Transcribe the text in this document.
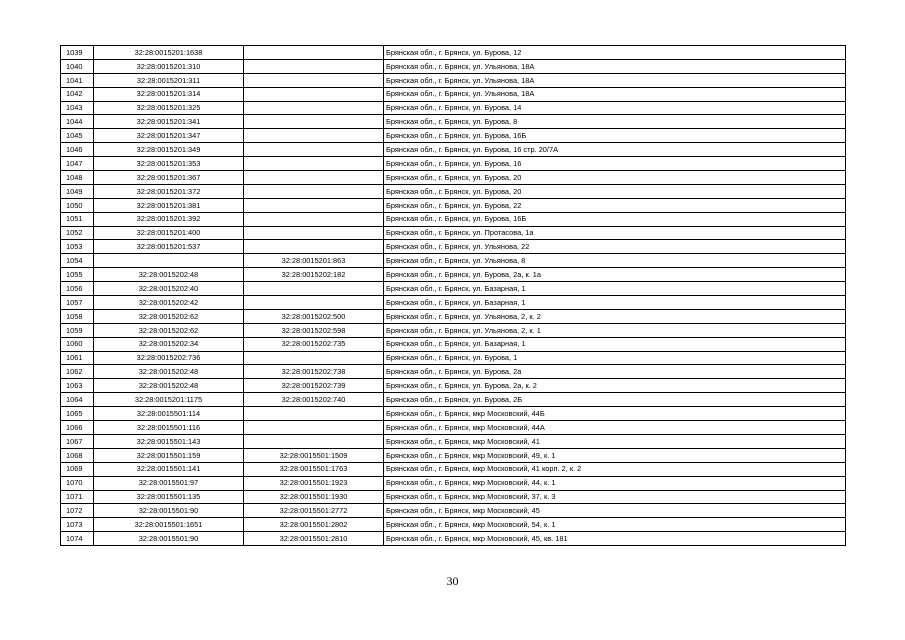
1039	32:28:0015201:1638		Брянская обл., г. Брянск, ул. Бурова, 12
1040	32:28:0015201:310		Брянская обл., г. Брянск, ул. Ульянова, 18А
1041	32:28:0015201:311		Брянская обл., г. Брянск, ул. Ульянова, 18А
1042	32:28:0015201:314		Брянская обл., г. Брянск, ул. Ульянова, 18А
1043	32:28:0015201:325		Брянская обл., г. Брянск, ул. Бурова, 14
1044	32:28:0015201:341		Брянская обл., г. Брянск, ул. Бурова, 8
1045	32:28:0015201:347		Брянская обл., г. Брянск, ул. Бурова, 16Б
1046	32:28:0015201:349		Брянская обл., г. Брянск, ул. Бурова, 16 стр. 20/7А
1047	32:28:0015201:353		Брянская обл., г. Брянск, ул. Бурова, 16
1048	32:28:0015201:367		Брянская обл., г. Брянск, ул. Бурова, 20
1049	32:28:0015201:372		Брянская обл., г. Брянск, ул. Бурова, 20
1050	32:28:0015201:381		Брянская обл., г. Брянск, ул. Бурова, 22
1051	32:28:0015201:392		Брянская обл., г. Брянск, ул. Бурова, 16Б
1052	32:28:0015201:400		Брянская обл., г. Брянск, ул. Протасова, 1а
1053	32:28:0015201:537		Брянская обл., г. Брянск, ул. Ульянова, 22
1054		32:28:0015201:863	Брянская обл., г. Брянск, ул. Ульянова, 8
1055	32:28:0015202:48	32:28:0015202:182	Брянская обл., г. Брянск, ул. Бурова, 2а, к. 1а
1056	32:28:0015202:40		Брянская обл., г. Брянск, ул. Базарная, 1
1057	32:28:0015202:42		Брянская обл., г. Брянск, ул. Базарная, 1
1058	32:28:0015202:62	32:28:0015202:500	Брянская обл., г. Брянск, ул. Ульянова, 2, к. 2
1059	32:28:0015202:62	32:28:0015202:598	Брянская обл., г. Брянск, ул. Ульянова, 2, к. 1
1060	32:28:0015202:34	32:28:0015202:735	Брянская обл., г. Брянск, ул. Базарная, 1
1061	32:28:0015202:736		Брянская обл., г. Брянск, ул. Бурова, 1
1062	32:28:0015202:48	32:28:0015202:738	Брянская обл., г. Брянск, ул. Бурова, 2а
1063	32:28:0015202:48	32:28:0015202:739	Брянская обл., г. Брянск, ул. Бурова, 2а, к. 2
1064	32:28:0015201:1175	32:28:0015202:740	Брянская обл., г. Брянск, ул. Бурова, 2Б
1065	32:28:0015501:114		Брянская обл., г. Брянск, мкр Московский, 44Б
1066	32:28:0015501:116		Брянская обл., г. Брянск, мкр Московский, 44А
1067	32:28:0015501:143		Брянская обл., г. Брянск, мкр Московский, 41
1068	32:28:0015501:159	32:28:0015501:1509	Брянская обл., г. Брянск, мкр Московский, 49, к. 1
1069	32:28:0015501:141	32:28:0015501:1763	Брянская обл., г. Брянск, мкр Московский, 41 корп. 2, к. 2
1070	32:28:0015501:97	32:28:0015501:1923	Брянская обл., г. Брянск, мкр Московский, 44, к. 1
1071	32:28:0015501:135	32:28:0015501:1930	Брянская обл., г. Брянск, мкр Московский, 37, к. 3
1072	32:28:0015501:90	32:28:0015501:2772	Брянская обл., г. Брянск, мкр Московский, 45
1073	32:28:0015501:1651	32:28:0015501:2802	Брянская обл., г. Брянск, мкр Московский, 54, к. 1
1074	32:28:0015501:90	32:28:0015501:2810	Брянская обл., г. Брянск, мкр Московский, 45, кв. 181
30
